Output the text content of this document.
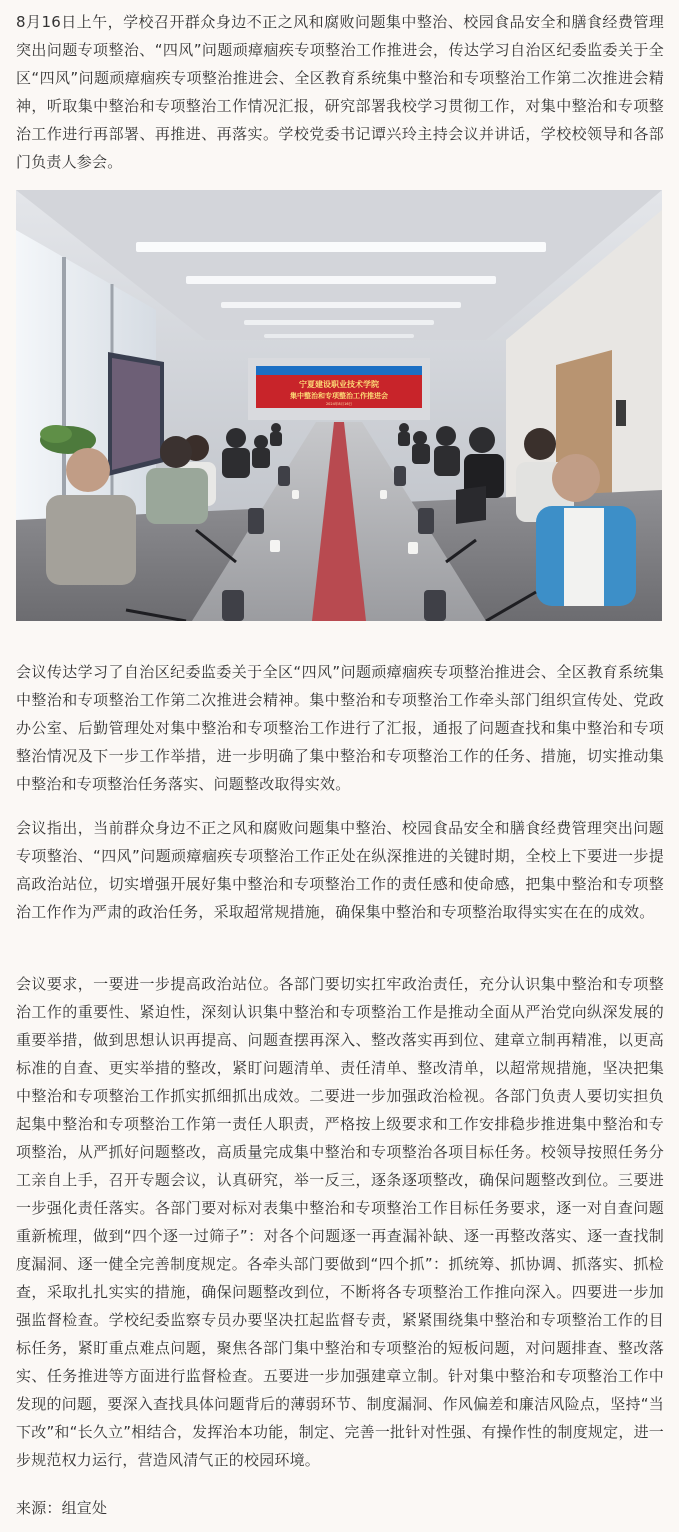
8月16日上午，学校召开群众身边不正之风和腐败问题集中整治、校园食品安全和膳食经费管理突出问题专项整治、“四风”问题顽瘴痼疾专项整治工作推进会，传达学习自治区纪委监委关于全区“四风”问题顽瘴痼疾专项整治推进会、全区教育系统集中整治和专项整治工作第二次推进会精神，听取集中整治和专项整治工作情况汇报，研究部署我校学习贯彻工作，对集中整治和专项整治工作进行再部署、再推进、再落实。学校党委书记谭兴玲主持会议并讲话，学校校领导和各部门负责人参会。

宁夏建设职业技术学院
集中整治和专项整治工作推进会
2024年8月16日

会议传达学习了自治区纪委监委关于全区“四风”问题顽瘴痼疾专项整治推进会、全区教育系统集中整治和专项整治工作第二次推进会精神。集中整治和专项整治工作牵头部门组织宣传处、党政办公室、后勤管理处对集中整治和专项整治工作进行了汇报，通报了问题查找和集中整治和专项整治情况及下一步工作举措，进一步明确了集中整治和专项整治工作的任务、措施，切实推动集中整治和专项整治任务落实、问题整改取得实效。

会议指出，当前群众身边不正之风和腐败问题集中整治、校园食品安全和膳食经费管理突出问题专项整治、“四风”问题顽瘴痼疾专项整治工作正处在纵深推进的关键时期，全校上下要进一步提高政治站位，切实增强开展好集中整治和专项整治工作的责任感和使命感，把集中整治和专项整治工作作为严肃的政治任务，采取超常规措施，确保集中整治和专项整治取得实实在在的成效。

会议要求，一要进一步提高政治站位。各部门要切实扛牢政治责任，充分认识集中整治和专项整治工作的重要性、紧迫性，深刻认识集中整治和专项整治工作是推动全面从严治党向纵深发展的重要举措，做到思想认识再提高、问题查摆再深入、整改落实再到位、建章立制再精准，以更高标准的自查、更实举措的整改，紧盯问题清单、责任清单、整改清单，以超常规措施，坚决把集中整治和专项整治工作抓实抓细抓出成效。二要进一步加强政治检视。各部门负责人要切实担负起集中整治和专项整治工作第一责任人职责，严格按上级要求和工作安排稳步推进集中整治和专项整治，从严抓好问题整改，高质量完成集中整治和专项整治各项目标任务。校领导按照任务分工亲自上手，召开专题会议，认真研究，举一反三，逐条逐项整改，确保问题整改到位。三要进一步强化责任落实。各部门要对标对表集中整治和专项整治工作目标任务要求，逐一对自查问题重新梳理，做到“四个逐一过筛子”：对各个问题逐一再查漏补缺、逐一再整改落实、逐一查找制度漏洞、逐一健全完善制度规定。各牵头部门要做到“四个抓”：抓统筹、抓协调、抓落实、抓检查，采取扎扎实实的措施，确保问题整改到位，不断将各专项整治工作推向深入。四要进一步加强监督检查。学校纪委监察专员办要坚决扛起监督专责，紧紧围绕集中整治和专项整治工作的目标任务，紧盯重点难点问题，聚焦各部门集中整治和专项整治的短板问题，对问题排查、整改落实、任务推进等方面进行监督检查。五要进一步加强建章立制。针对集中整治和专项整治工作中发现的问题，要深入查找具体问题背后的薄弱环节、制度漏洞、作风偏差和廉洁风险点，坚持“当下改”和“长久立”相结合，发挥治本功能，制定、完善一批针对性强、有操作性的制度规定，进一步规范权力运行，营造风清气正的校园环境。

来源：组宣处
